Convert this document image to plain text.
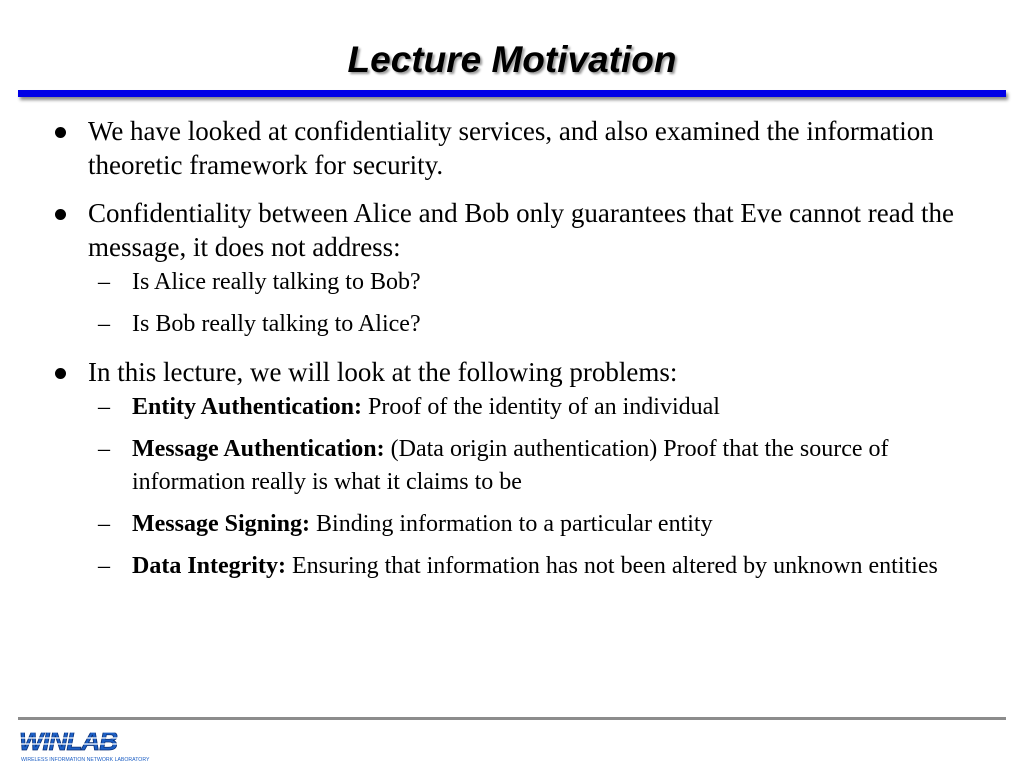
Lecture Motivation
We have looked at confidentiality services, and also examined the information theoretic framework for security.
Confidentiality between Alice and Bob only guarantees that Eve cannot read the message, it does not address:
– Is Alice really talking to Bob?
– Is Bob really talking to Alice?
In this lecture, we will look at the following problems:
– Entity Authentication: Proof of the identity of an individual
– Message Authentication: (Data origin authentication) Proof that the source of information really is what it claims to be
– Message Signing: Binding information to a particular entity
– Data Integrity: Ensuring that information has not been altered by unknown entities
WINLAB
WIRELESS INFORMATION NETWORK LABORATORY
